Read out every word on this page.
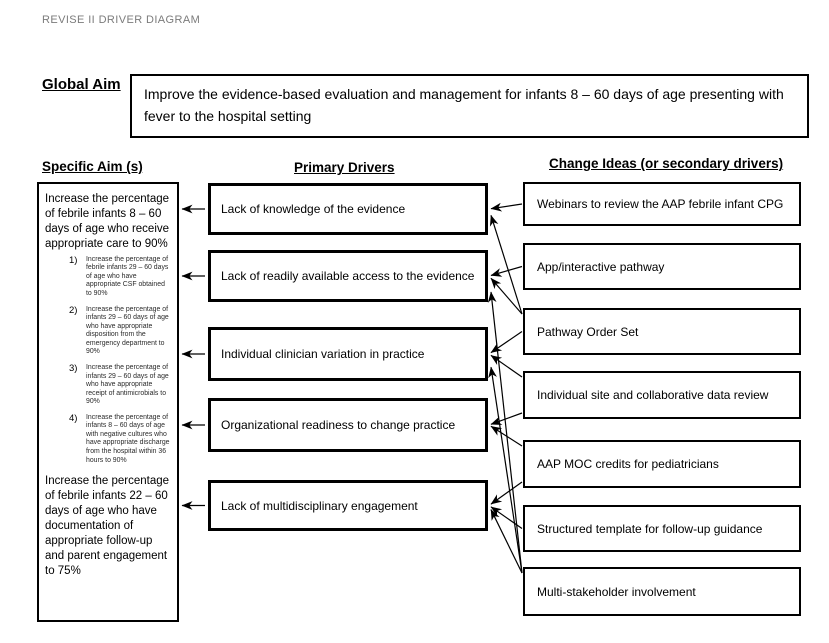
REVISE II DRIVER DIAGRAM
Global Aim
Improve the evidence-based evaluation and management for infants 8 – 60 days of age presenting with fever to the hospital setting
Specific Aim (s)	Primary Drivers	Change Ideas (or secondary drivers)
Increase the percentage of febrile infants 8 – 60 days of age who receive appropriate care to 90%
1)	Increase the percentage of febrile infants 29 – 60 days of age who have appropriate CSF obtained to 90%
2)	Increase the percentage of infants 29 – 60 days of age who have appropriate disposition from the emergency department to 90%
3)	Increase the percentage of infants 29 – 60 days of age who have appropriate receipt of antimicrobials to 90%
4)	Increase the percentage of infants 8 – 60 days of age with negative cultures who have appropriate discharge from the hospital within 36 hours to 90%
Increase the percentage of febrile infants 22 – 60 days of age who have documentation of appropriate follow-up and parent engagement to 75%
Lack of knowledge of the evidence
Lack of readily available access to the evidence
Individual clinician variation in practice
Organizational readiness to change practice
Lack of multidisciplinary engagement
Webinars to review the AAP febrile infant CPG
App/interactive pathway
Pathway Order Set
Individual site and collaborative data review
AAP MOC credits for pediatricians
Structured template for follow-up guidance
Multi-stakeholder involvement
